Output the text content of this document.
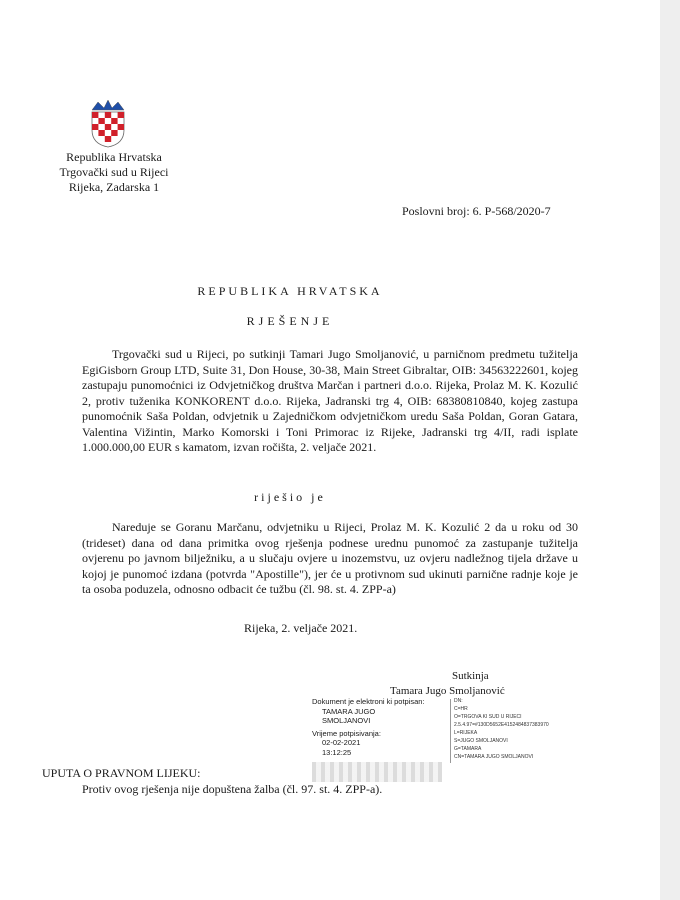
Republika Hrvatska
Trgovački sud u Rijeci
Rijeka, Zadarska 1
Poslovni broj: 6. P-568/2020-7
REPUBLIKA HRVATSKA
RJEŠENJE

Trgovački sud u Rijeci, po sutkinji Tamari Jugo Smoljanović, u parničnom predmetu tužitelja EgiGisborn Group LTD, Suite 31, Don House, 30-38, Main Street Gibraltar, OIB: 34563222601, kojeg zastupaju punomoćnici iz Odvjetničkog društva Marčan i partneri d.o.o. Rijeka, Prolaz M. K. Kozulić 2, protiv tuženika KONKORENT d.o.o. Rijeka, Jadranski trg 4, OIB: 68380810840, kojeg zastupa punomoćnik Saša Poldan, odvjetnik u Zajedničkom odvjetničkom uredu Saša Poldan, Goran Gatara, Valentina Vižintin, Marko Komorski i Toni Primorac iz Rijeke, Jadranski trg 4/II, radi isplate 1.000.000,00 EUR s kamatom, izvan ročišta, 2. veljače 2021.

riješio je

Nareduje se Goranu Marčanu, odvjetniku u Rijeci, Prolaz M. K. Kozulić 2 da u roku od 30 (trideset) dana od dana primitka ovog rješenja podnese urednu punomoć za zastupanje tužitelja ovjerenu po javnom bilježniku, a u slučaju ovjere u inozemstvu, uz ovjeru nadležnog tijela države u kojoj je punomoć izdana (potvrda "Apostille"), jer će u protivnom sud ukinuti parnične radnje koje je ta osoba poduzela, odnosno odbacit će tužbu (čl. 98. st. 4. ZPP-a)

Rijeka, 2. veljače 2021.
Sutkinja
Tamara Jugo Smoljanović
Dokument je elektroni ki potpisan:
TAMARA JUGO
SMOLJANOVI
Vrijeme potpisivanja:
02-02-2021
13:12:25
DN:
C=HR
O=TRGOVA KI SUD U RIJECI
2.5.4.97=#130D5652E4152484837383970
L=RIJEKA
S=JUGO SMOLJANOVI
G=TAMARA
CN=TAMARA JUGO SMOLJANOVI
UPUTA O PRAVNOM LIJEKU:
Protiv ovog rješenja nije dopuštena žalba (čl. 97. st. 4. ZPP-a).
